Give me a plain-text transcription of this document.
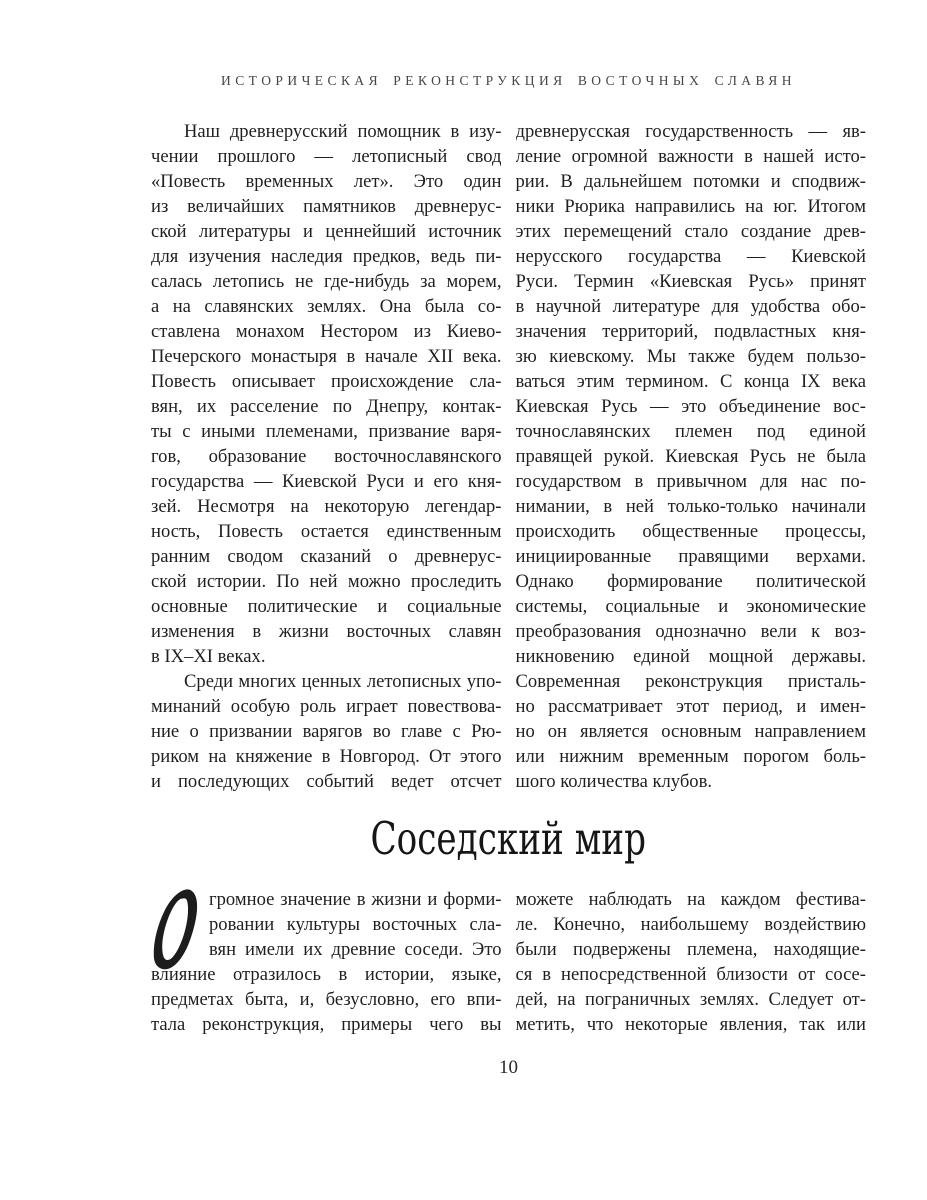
ИСТОРИЧЕСКАЯ РЕКОНСТРУКЦИЯ ВОСТОЧНЫХ СЛАВЯН
Наш древнерусский помощник в изу-
чении прошлого — летописный свод
«Повесть временных лет». Это один
из величайших памятников древнерус-
ской литературы и ценнейший источник
для изучения наследия предков, ведь пи-
салась летопись не где-нибудь за морем,
а на славянских землях. Она была со-
ставлена монахом Нестором из Киево-
Печерского монастыря в начале XII века.
Повесть описывает происхождение сла-
вян, их расселение по Днепру, контак-
ты с иными племенами, призвание варя-
гов, образование восточнославянского
государства — Киевской Руси и его кня-
зей. Несмотря на некоторую легендар-
ность, Повесть остается единственным
ранним сводом сказаний о древнерус-
ской истории. По ней можно проследить
основные политические и социальные
изменения в жизни восточных славян
в IX–XI веках.
Среди многих ценных летописных упо-
минаний особую роль играет повествова-
ние о призвании варягов во главе с Рю-
риком на княжение в Новгород. От этого
и последующих событий ведет отсчет
древнерусская государственность — яв-
ление огромной важности в нашей исто-
рии. В дальнейшем потомки и сподвиж-
ники Рюрика направились на юг. Итогом
этих перемещений стало создание древ-
нерусского государства — Киевской
Руси. Термин «Киевская Русь» принят
в научной литературе для удобства обо-
значения территорий, подвластных кня-
зю киевскому. Мы также будем пользо-
ваться этим термином. С конца IX века
Киевская Русь — это объединение вос-
точнославянских племен под единой
правящей рукой. Киевская Русь не была
государством в привычном для нас по-
нимании, в ней только-только начинали
происходить общественные процессы,
инициированные правящими верхами.
Однако формирование политической
системы, социальные и экономические
преобразования однозначно вели к воз-
никновению единой мощной державы.
Современная реконструкция присталь-
но рассматривает этот период, и имен-
но он является основным направлением
или нижним временным порогом боль-
шого количества клубов.
Соседский мир
громное значение в жизни и форми-
ровании культуры восточных сла-
вян имели их древние соседи. Это
влияние отразилось в истории, языке,
предметах быта, и, безусловно, его впи-
тала реконструкция, примеры чего вы
можете наблюдать на каждом фестива-
ле. Конечно, наибольшему воздействию
были подвержены племена, находящие-
ся в непосредственной близости от сосе-
дей, на пограничных землях. Следует от-
метить, что некоторые явления, так или
10
